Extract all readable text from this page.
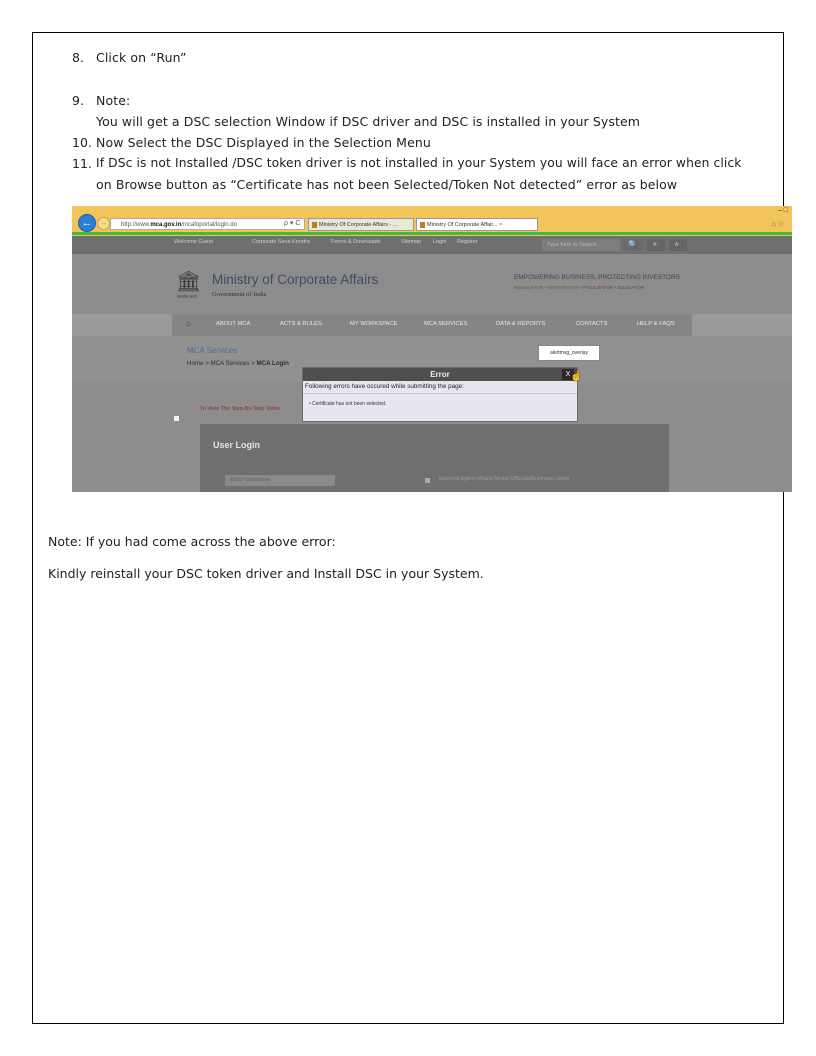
8. Click on “Run”
9. Note:
You will get a DSC selection Window if DSC driver and DSC is installed in your System
10. Now Select the DSC Displayed in the Selection Menu
11. If DSc is not Installed /DSC token driver is not installed in your System you will face an error when click
on Browse button as “Certificate has not been Selected/Token Not detected” error as below
←	→	http://www.mca.gov.in/mcafoportal/login.do	ρ ▾ C	Ministry Of Corporate Affairs - ...	Ministry Of Corporate Affair... ×
– □
⌂ ☆
Welcome Guest	Corporate Seva Kendra	Forms & Downloads	Sitemap Login Register	Type here to Search...	🔍	A⁺	A⁻
🏛
सत्यमेव जयते
Ministry of Corporate Affairs
Government of India
EMPOWERING BUSINESS, PROTECTING INVESTORS
REGULATOR • INTEGRATOR • FACILITATOR • EDUCATOR
⌂	ABOUT MCA	ACTS & RULES	MY WORKSPACE	MCA SERVICES	DATA & REPORTS	CONTACTS	HELP & FAQS
MCA Services
Home > MCA Services > MCA Login
alertmsg_overlay
To View The Step-By-Step Video
User Login
Enter Username	External Agency/Bank/Nodal Officials/Business Users
Error	X
Following errors have occured while submitting the page:
• Certificate has not been selected.
☝
Note: If you had come across the above error:
Kindly reinstall your DSC token driver and Install DSC in your System.
